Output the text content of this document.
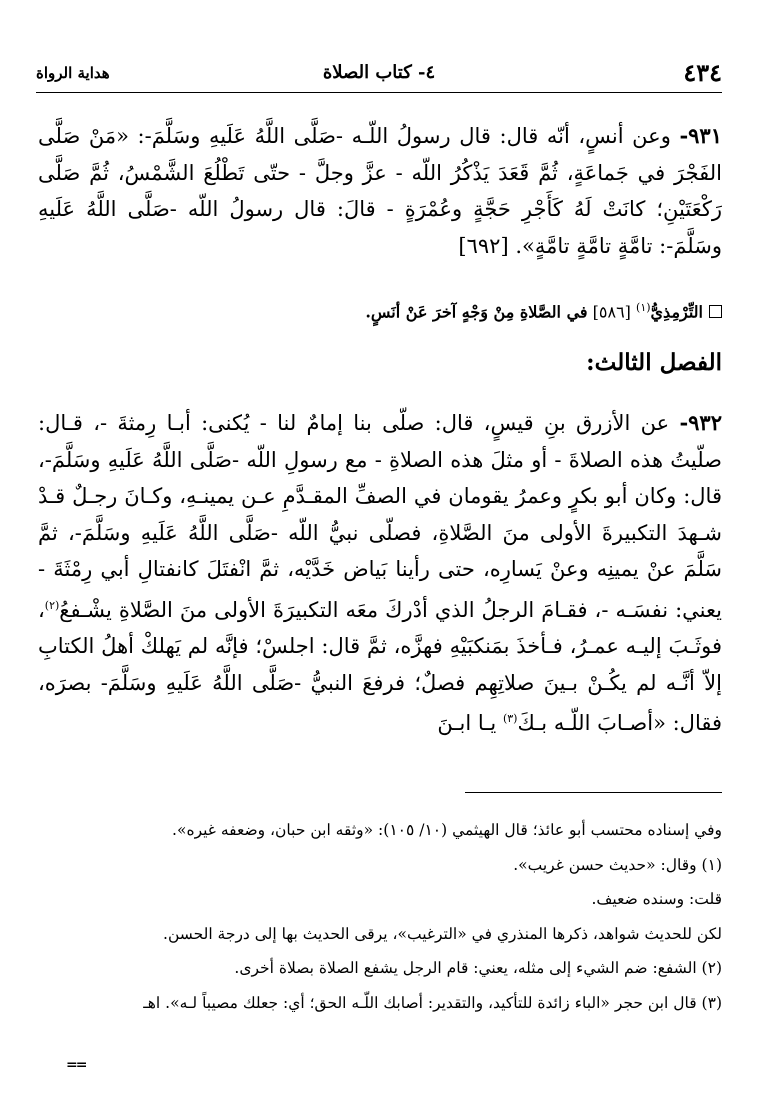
٤٣٤
٤- كتاب الصلاة
هداية الرواة
٩٣١- وعن أنسٍ، أنّه قال: قال رسولُ اللّـه -صَلَّى اللَّهُ عَلَيهِ وسَلَّمَ-: «مَنْ صَلَّى الفَجْرَ في جَماعَةٍ، ثُمَّ قَعَدَ يَذْكُرُ اللّه - عزَّ وجلَّ - حتّى تَطْلُعَ الشَّمْسُ، ثُمَّ صَلَّى رَكْعَتَيْنِ؛ كانَتْ لَهُ كَأَجْرِ حَجَّةٍ وعُمْرَةٍ - قالَ: قال رسولُ اللّه -صَلَّى اللَّهُ عَلَيهِ وسَلَّمَ-: تامَّةٍ تامَّةٍ تامَّةٍ». [٦٩٢]
التِّرْمِذِيُّ$^{(١)}$ [٥٨٦] في الصَّلاةِ مِنْ وَجْهٍ آخرَ عَنْ أنَسٍ.
الفصل الثالث:
٩٣٢- عن الأزرق بنِ قيسٍ، قال: صلّى بنا إمامٌ لنا - يُكنى: أبـا رِمثةَ -، قـال: صلّيتُ هذه الصلاةَ - أو مثلَ هذه الصلاةِ - مع رسولِ اللّه -صَلَّى اللَّهُ عَلَيهِ وسَلَّمَ-، قال: وكان أبو بكرٍ وعمرُ يقومان في الصفِّ المقـدَّمِ عـن يمينـهِ، وكـانَ رجـلٌ قـدْ شـهدَ التكبيرةَ الأولى منَ الصَّلاةِ، فصلّى نبيُّ اللّه -صَلَّى اللَّهُ عَلَيهِ وسَلَّمَ-، ثمَّ سَلَّمَ عنْ يمينِه وعنْ يَسارِه، حتى رأينا بَياض خَدَّيْه، ثمَّ انْفتَلَ كانفتالِ أبي رِمْثَةَ - يعني: نفسَـه -، فقـامَ الرجلُ الذي أدْركَ معَه التكبيرَةَ الأولى منَ الصَّلاةِ يشْـفعُ$^{(٢)}$، فوثَـبَ إليـه عمـرُ، فـأخذَ بمَنكبَيْهِ فهزَّه، ثمَّ قال: اجلسْ؛ فإنَّه لم يَهلكْ أهلُ الكتابِ إلاّ أنَّـه لم يكُـنْ بـينَ صلاتِهِم فصلٌ؛ فرفعَ النبيُّ -صَلَّى اللَّهُ عَلَيهِ وسَلَّمَ- بصرَه، فقال: «أصـابَ اللّـه بـكَ$^{(٣)}$ يـا ابـنَ
وفي إسناده محتسب أبو عائذ؛ قال الهيثمي (١٠/ ١٠٥): «وثقه ابن حبان، وضعفه غيره».
(١) وقال: «حديث حسن غريب».
قلت: وسنده ضعيف.
لكن للحديث شواهد، ذكرها المنذري في «الترغيب»، يرقى الحديث بها إلى درجة الحسن.
(٢) الشفع: ضم الشيء إلى مثله، يعني: قام الرجل يشفع الصلاة بصلاة أخرى.
(٣) قال ابن حجر «الباء زائدة للتأكيد، والتقدير: أصابك اللّـه الحق؛ أي: جعلك مصيباً لـه». اهـ
==
